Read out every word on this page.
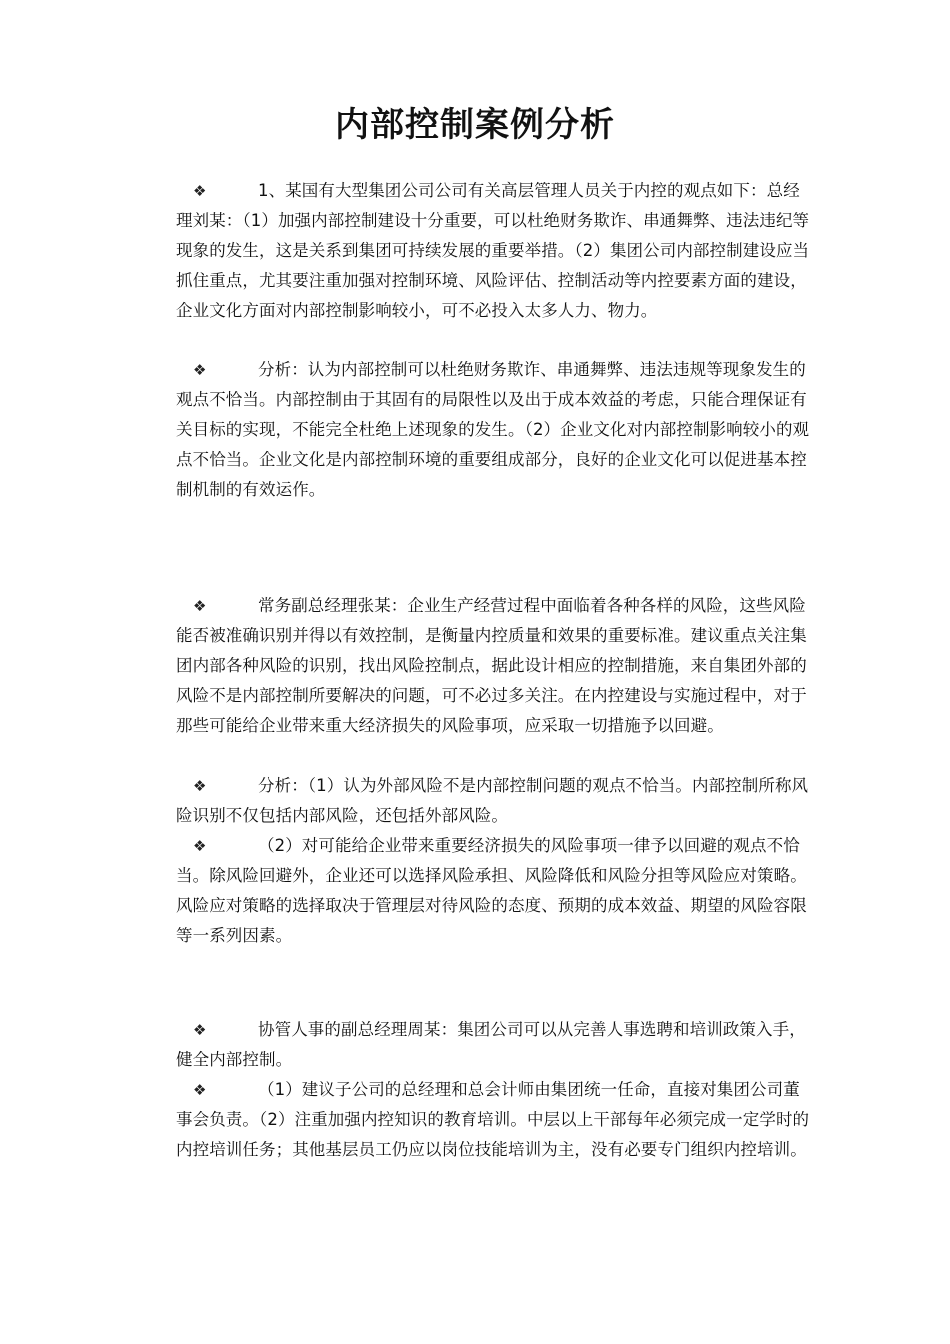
内部控制案例分析

❖	1、某国有大型集团公司公司有关高层管理人员关于内控的观点如下：总经理刘某：（1）加强内部控制建设十分重要，可以杜绝财务欺诈、串通舞弊、违法违纪等现象的发生，这是关系到集团可持续发展的重要举措。（2）集团公司内部控制建设应当抓住重点，尤其要注重加强对控制环境、风险评估、控制活动等内控要素方面的建设，企业文化方面对内部控制影响较小，可不必投入太多人力、物力。

❖	分析：认为内部控制可以杜绝财务欺诈、串通舞弊、违法违规等现象发生的观点不恰当。内部控制由于其固有的局限性以及出于成本效益的考虑，只能合理保证有关目标的实现，不能完全杜绝上述现象的发生。（2）企业文化对内部控制影响较小的观点不恰当。企业文化是内部控制环境的重要组成部分，良好的企业文化可以促进基本控制机制的有效运作。

❖	常务副总经理张某：企业生产经营过程中面临着各种各样的风险，这些风险能否被准确识别并得以有效控制，是衡量内控质量和效果的重要标准。建议重点关注集团内部各种风险的识别，找出风险控制点，据此设计相应的控制措施，来自集团外部的风险不是内部控制所要解决的问题，可不必过多关注。在内控建设与实施过程中，对于那些可能给企业带来重大经济损失的风险事项，应采取一切措施予以回避。

❖	分析：（1）认为外部风险不是内部控制问题的观点不恰当。内部控制所称风险识别不仅包括内部风险，还包括外部风险。

❖	（2）对可能给企业带来重要经济损失的风险事项一律予以回避的观点不恰当。除风险回避外，企业还可以选择风险承担、风险降低和风险分担等风险应对策略。风险应对策略的选择取决于管理层对待风险的态度、预期的成本效益、期望的风险容限等一系列因素。

❖	协管人事的副总经理周某：集团公司可以从完善人事选聘和培训政策入手，健全内部控制。

❖	（1）建议子公司的总经理和总会计师由集团统一任命，直接对集团公司董事会负责。（2）注重加强内控知识的教育培训。中层以上干部每年必须完成一定学时的内控培训任务；其他基层员工仍应以岗位技能培训为主，没有必要专门组织内控培训。
